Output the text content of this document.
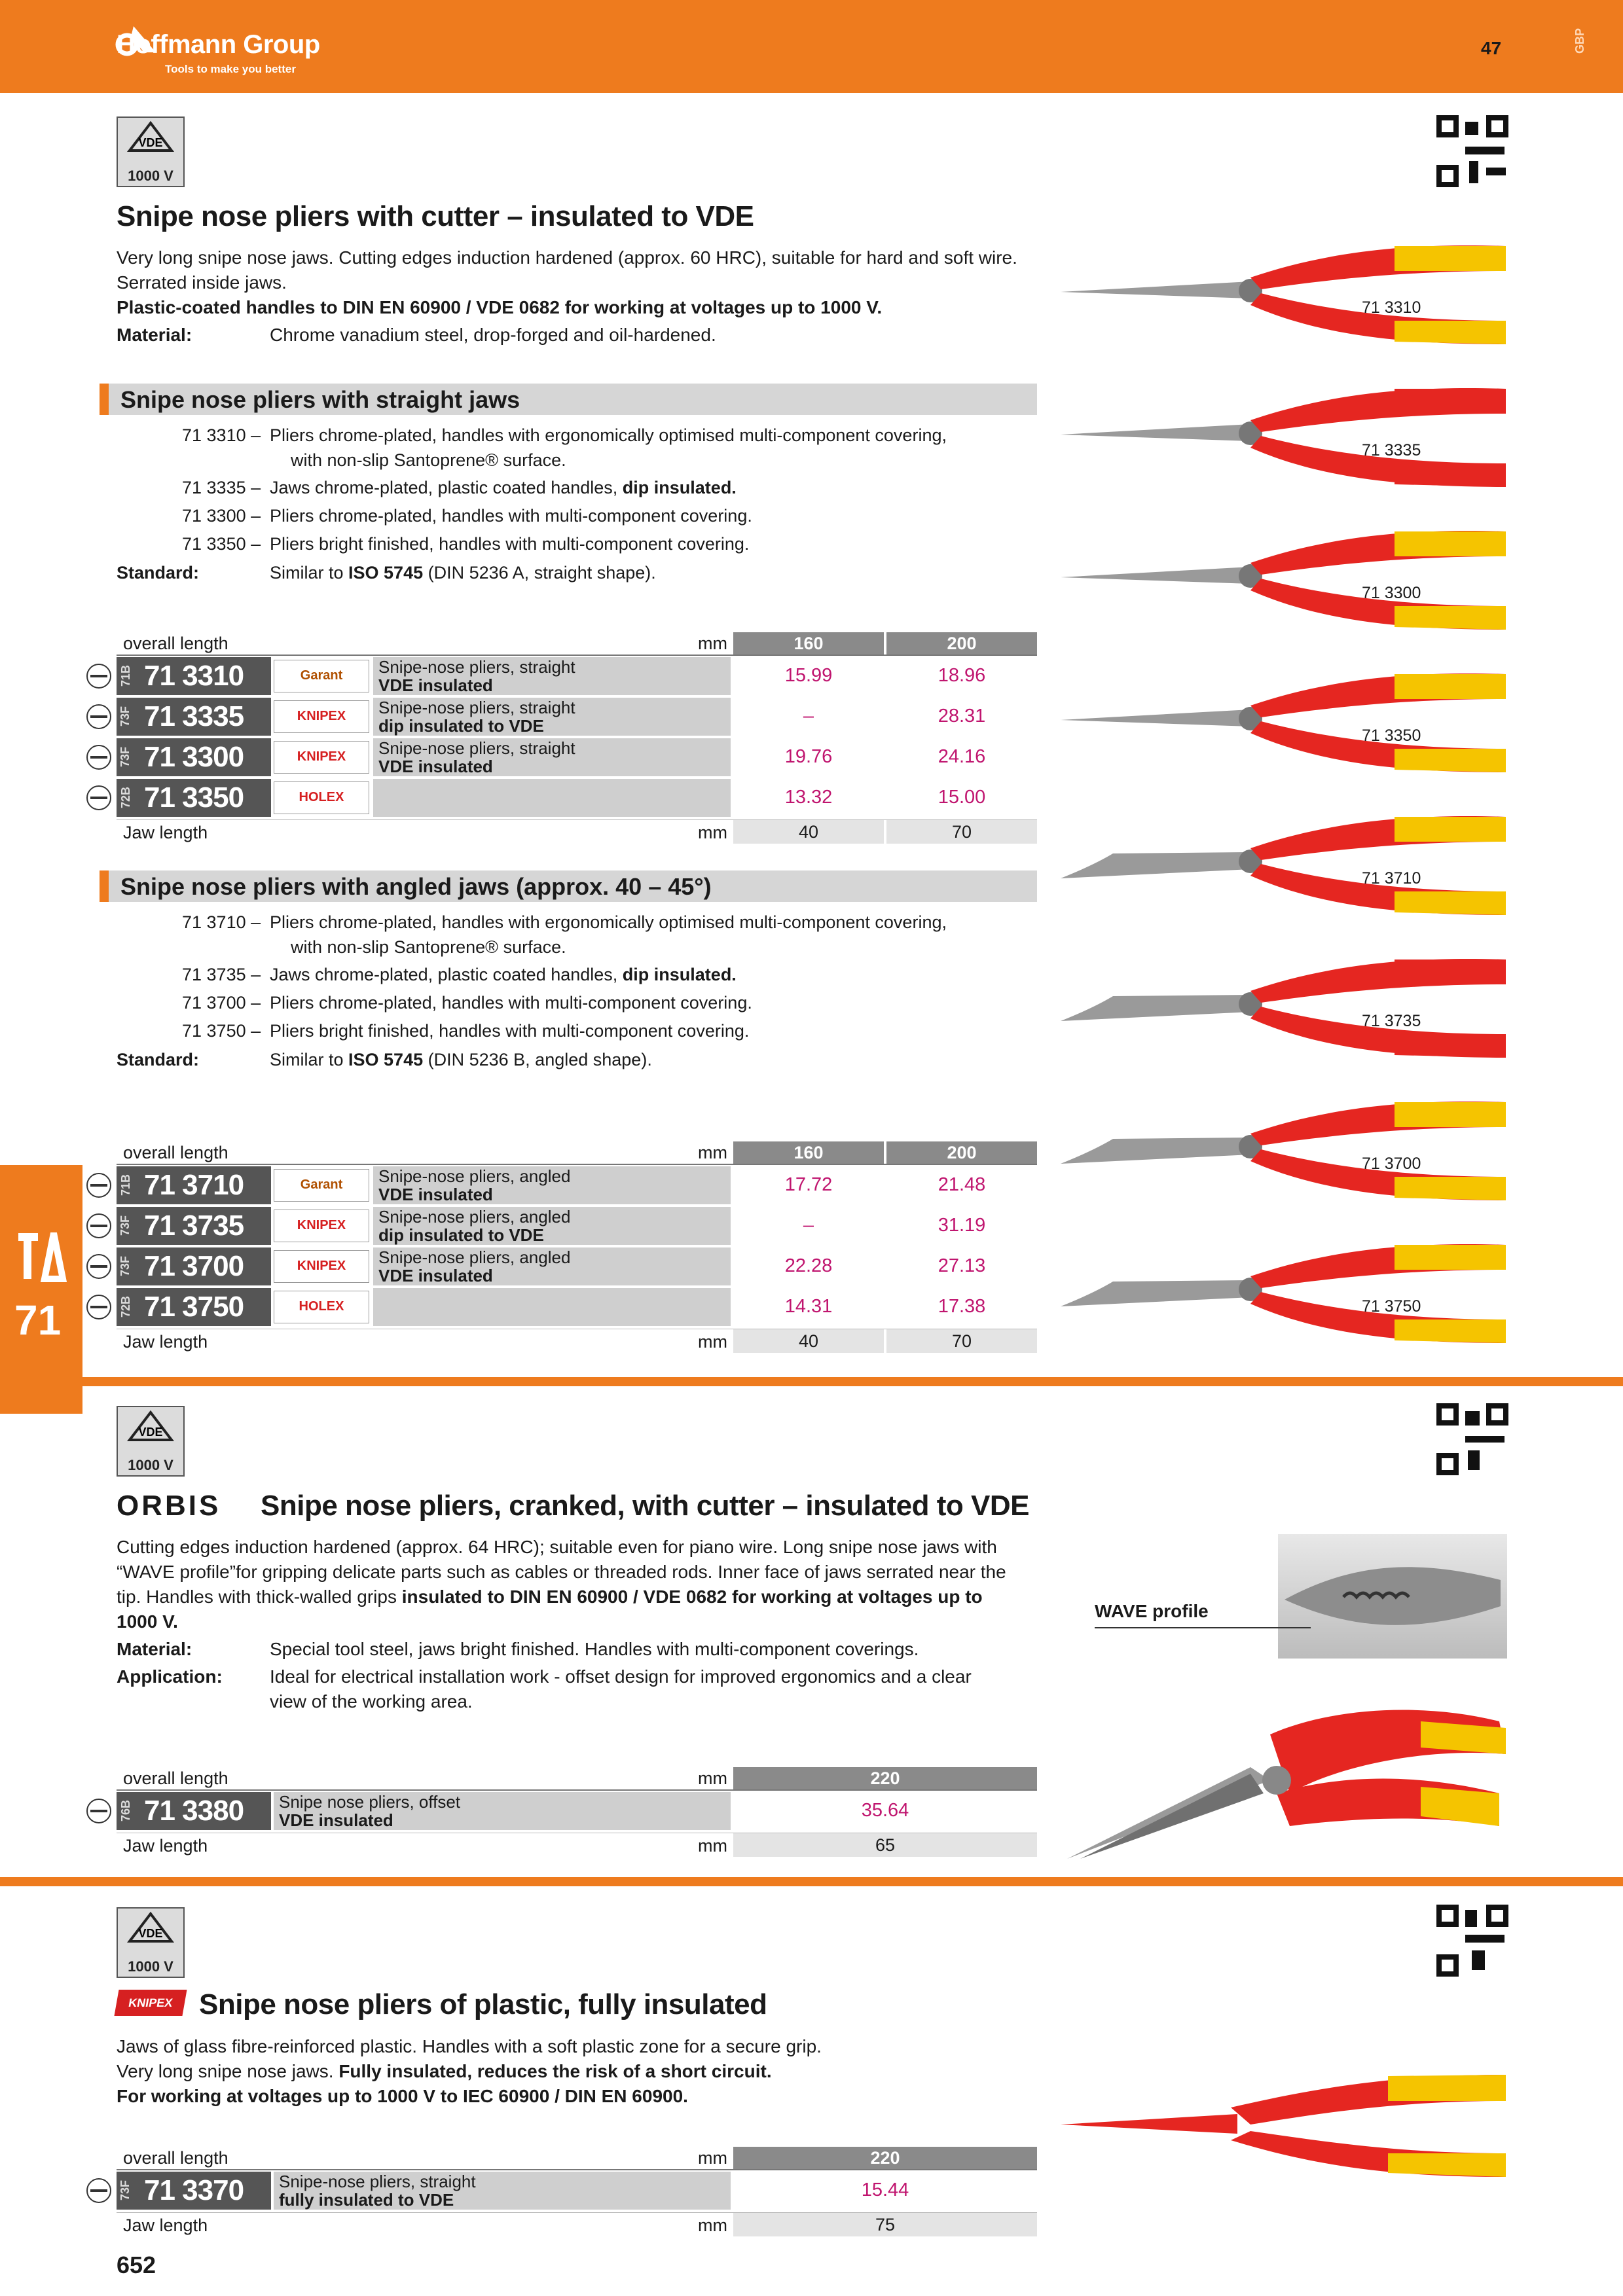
Hoffmann Group
Tools to make you better
47	GBP
71
VDE
1000 V
Snipe nose pliers with cutter – insulated to VDE
Very long snipe nose jaws. Cutting edges induction hardened (approx. 60 HRC), suitable for hard and soft wire.
Serrated inside jaws.
Plastic-coated handles to DIN EN 60900 / VDE 0682 for working at voltages up to 1000 V.
Material:	Chrome vanadium steel, drop-forged and oil-hardened.
Snipe nose pliers with straight jaws
71 3310 – Pliers chrome-plated, handles with ergonomically optimised multi-component covering,
with non-slip Santoprene® surface.
71 3335 – Jaws chrome-plated, plastic coated handles, dip insulated.
71 3300 – Pliers chrome-plated, handles with multi-component covering.
71 3350 – Pliers bright finished, handles with multi-component covering.
Standard:	Similar to ISO 5745 (DIN 5236 A, straight shape).
overall length	mm	160	200
71B 71 3310	Garant	Snipe-nose pliers, straight
VDE insulated	15.99	18.96
73F 71 3335	KNIPEX	Snipe-nose pliers, straight
dip insulated to VDE	–	28.31
73F 71 3300	KNIPEX	Snipe-nose pliers, straight
VDE insulated	19.76	24.16
72B 71 3350	HOLEX	13.32	15.00
Jaw length	mm	40	70
Snipe nose pliers with angled jaws (approx. 40 – 45°)
71 3710 – Pliers chrome-plated, handles with ergonomically optimised multi-component covering,
with non-slip Santoprene® surface.
71 3735 – Jaws chrome-plated, plastic coated handles, dip insulated.
71 3700 – Pliers chrome-plated, handles with multi-component covering.
71 3750 – Pliers bright finished, handles with multi-component covering.
Standard:	Similar to ISO 5745 (DIN 5236 B, angled shape).
overall length	mm	160	200
71B 71 3710	Garant	Snipe-nose pliers, angled
VDE insulated	17.72	21.48
73F 71 3735	KNIPEX	Snipe-nose pliers, angled
dip insulated to VDE	–	31.19
73F 71 3700	KNIPEX	Snipe-nose pliers, angled
VDE insulated	22.28	27.13
72B 71 3750	HOLEX	14.31	17.38
Jaw length	mm	40	70
71 3310
71 3335
71 3300
71 3350
71 3710
71 3735
71 3700
71 3750
VDE
1000 V
ORBIS Snipe nose pliers, cranked, with cutter – insulated to VDE
Cutting edges induction hardened (approx. 64 HRC); suitable even for piano wire. Long snipe nose jaws with
“WAVE profile”for gripping delicate parts such as cables or threaded rods. Inner face of jaws serrated near the
tip. Handles with thick-walled grips insulated to DIN EN 60900 / VDE 0682 for working at voltages up to
1000 V.
Material:	Special tool steel, jaws bright finished. Handles with multi-component coverings.
Application:	Ideal for electrical installation work - offset design for improved ergonomics and a clear
view of the working area.
WAVE profile
overall length	mm	220
76B 71 3380 Snipe nose pliers, offset
VDE insulated	35.64
Jaw length	mm	65
VDE
1000 V
KNIPEX Snipe nose pliers of plastic, fully insulated
Jaws of glass fibre-reinforced plastic. Handles with a soft plastic zone for a secure grip.
Very long snipe nose jaws. Fully insulated, reduces the risk of a short circuit.
For working at voltages up to 1000 V to IEC 60900 / DIN EN 60900.
overall length	mm	220
73F 71 3370 Snipe-nose pliers, straight
fully insulated to VDE	15.44
Jaw length	mm	75
652
